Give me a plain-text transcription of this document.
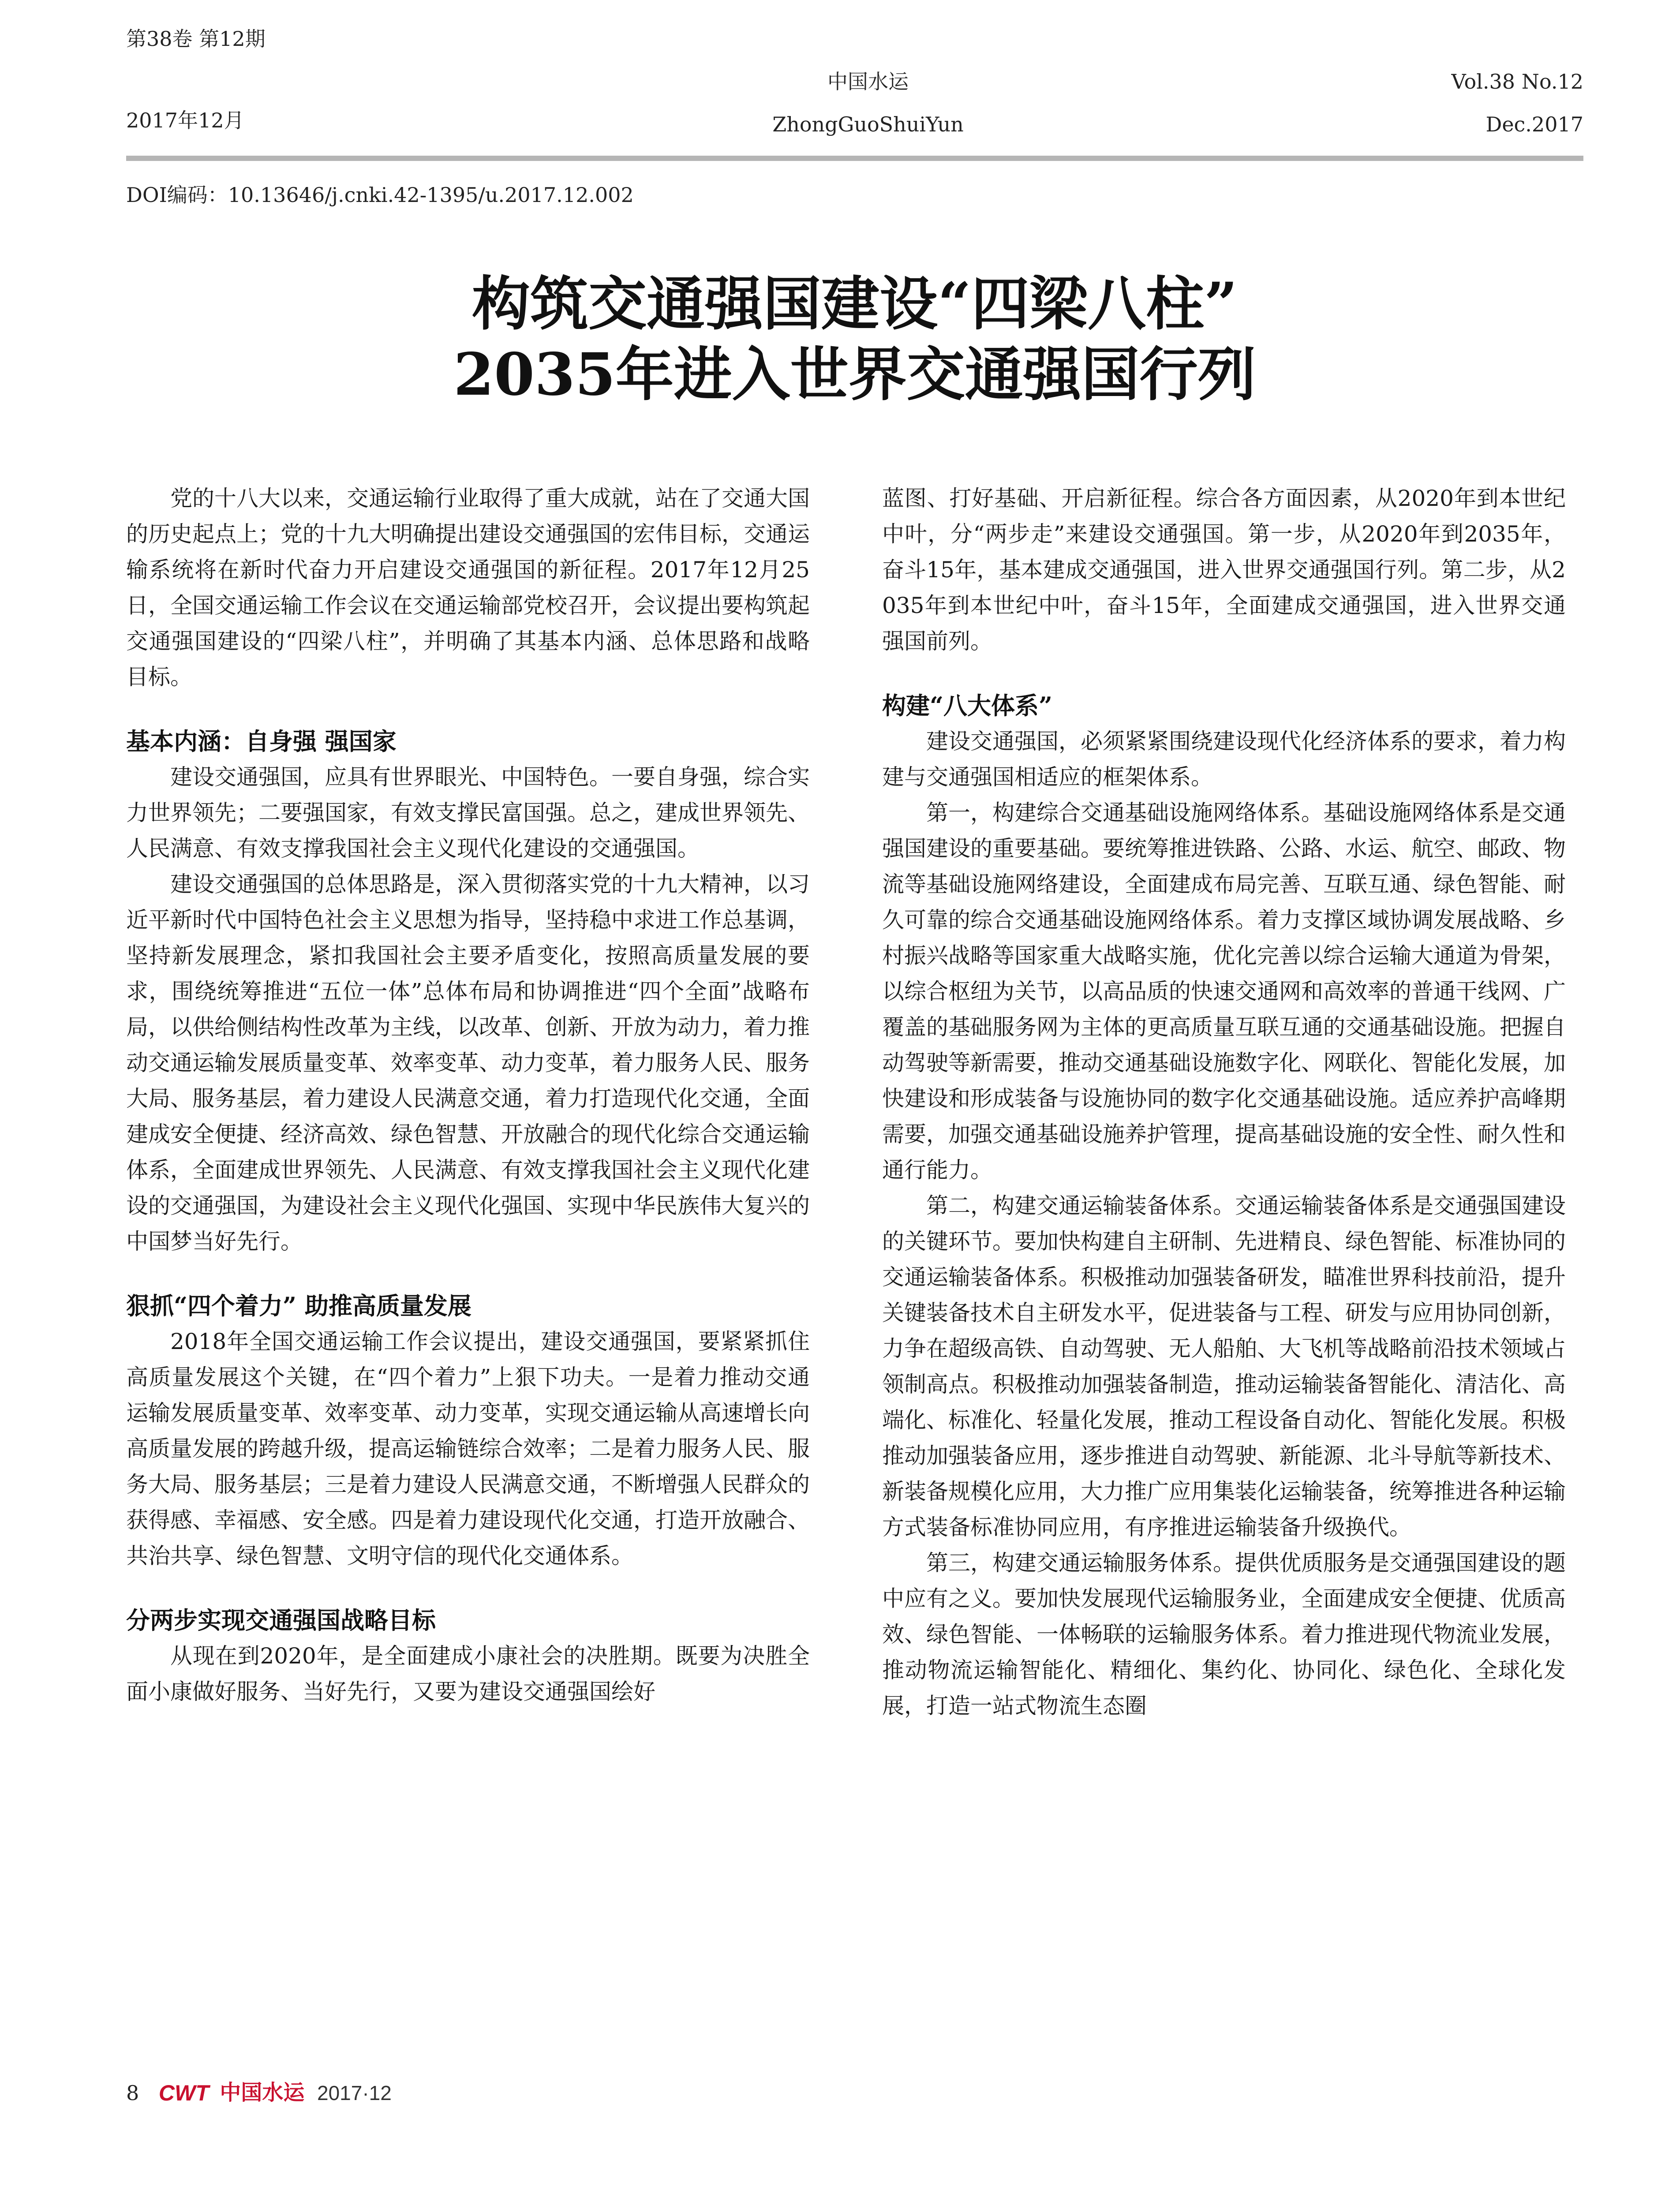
第38卷 第12期
2017年12月
中国水运
ZhongGuoShuiYun
Vol.38 No.12
Dec.2017
DOI编码：10.13646/j.cnki.42-1395/u.2017.12.002
构筑交通强国建设“四梁八柱”
2035年进入世界交通强国行列

党的十八大以来，交通运输行业取得了重大成就，站在了交通大国的历史起点上；党的十九大明确提出建设交通强国的宏伟目标，交通运输系统将在新时代奋力开启建设交通强国的新征程。2017年12月25日，全国交通运输工作会议在交通运输部党校召开，会议提出要构筑起交通强国建设的“四梁八柱”，并明确了其基本内涵、总体思路和战略目标。

基本内涵：自身强 强国家

建设交通强国，应具有世界眼光、中国特色。一要自身强，综合实力世界领先；二要强国家，有效支撑民富国强。总之，建成世界领先、人民满意、有效支撑我国社会主义现代化建设的交通强国。

建设交通强国的总体思路是，深入贯彻落实党的十九大精神，以习近平新时代中国特色社会主义思想为指导，坚持稳中求进工作总基调，坚持新发展理念，紧扣我国社会主要矛盾变化，按照高质量发展的要求，围绕统筹推进“五位一体”总体布局和协调推进“四个全面”战略布局，以供给侧结构性改革为主线，以改革、创新、开放为动力，着力推动交通运输发展质量变革、效率变革、动力变革，着力服务人民、服务大局、服务基层，着力建设人民满意交通，着力打造现代化交通，全面建成安全便捷、经济高效、绿色智慧、开放融合的现代化综合交通运输体系，全面建成世界领先、人民满意、有效支撑我国社会主义现代化建设的交通强国，为建设社会主义现代化强国、实现中华民族伟大复兴的中国梦当好先行。

狠抓“四个着力” 助推高质量发展

2018年全国交通运输工作会议提出，建设交通强国，要紧紧抓住高质量发展这个关键，在“四个着力”上狠下功夫。一是着力推动交通运输发展质量变革、效率变革、动力变革，实现交通运输从高速增长向高质量发展的跨越升级，提高运输链综合效率；二是着力服务人民、服务大局、服务基层；三是着力建设人民满意交通，不断增强人民群众的获得感、幸福感、安全感。四是着力建设现代化交通，打造开放融合、共治共享、绿色智慧、文明守信的现代化交通体系。

分两步实现交通强国战略目标

从现在到2020年，是全面建成小康社会的决胜期。既要为决胜全面小康做好服务、当好先行，又要为建设交通强国绘好

蓝图、打好基础、开启新征程。综合各方面因素，从2020年到本世纪中叶，分“两步走”来建设交通强国。第一步，从2020年到2035年，奋斗15年，基本建成交通强国，进入世界交通强国行列。第二步，从2035年到本世纪中叶，奋斗15年，全面建成交通强国，进入世界交通强国前列。

构建“八大体系”

建设交通强国，必须紧紧围绕建设现代化经济体系的要求，着力构建与交通强国相适应的框架体系。

第一，构建综合交通基础设施网络体系。基础设施网络体系是交通强国建设的重要基础。要统筹推进铁路、公路、水运、航空、邮政、物流等基础设施网络建设，全面建成布局完善、互联互通、绿色智能、耐久可靠的综合交通基础设施网络体系。着力支撑区域协调发展战略、乡村振兴战略等国家重大战略实施，优化完善以综合运输大通道为骨架，以综合枢纽为关节，以高品质的快速交通网和高效率的普通干线网、广覆盖的基础服务网为主体的更高质量互联互通的交通基础设施。把握自动驾驶等新需要，推动交通基础设施数字化、网联化、智能化发展，加快建设和形成装备与设施协同的数字化交通基础设施。适应养护高峰期需要，加强交通基础设施养护管理，提高基础设施的安全性、耐久性和通行能力。

第二，构建交通运输装备体系。交通运输装备体系是交通强国建设的关键环节。要加快构建自主研制、先进精良、绿色智能、标准协同的交通运输装备体系。积极推动加强装备研发，瞄准世界科技前沿，提升关键装备技术自主研发水平，促进装备与工程、研发与应用协同创新，力争在超级高铁、自动驾驶、无人船舶、大飞机等战略前沿技术领域占领制高点。积极推动加强装备制造，推动运输装备智能化、清洁化、高端化、标准化、轻量化发展，推动工程设备自动化、智能化发展。积极推动加强装备应用，逐步推进自动驾驶、新能源、北斗导航等新技术、新装备规模化应用，大力推广应用集装化运输装备，统筹推进各种运输方式装备标准协同应用，有序推进运输装备升级换代。

第三，构建交通运输服务体系。提供优质服务是交通强国建设的题中应有之义。要加快发展现代运输服务业，全面建成安全便捷、优质高效、绿色智能、一体畅联的运输服务体系。着力推进现代物流业发展，推动物流运输智能化、精细化、集约化、协同化、绿色化、全球化发展，打造一站式物流生态圈

8 CWT 中国水运 2017·12
